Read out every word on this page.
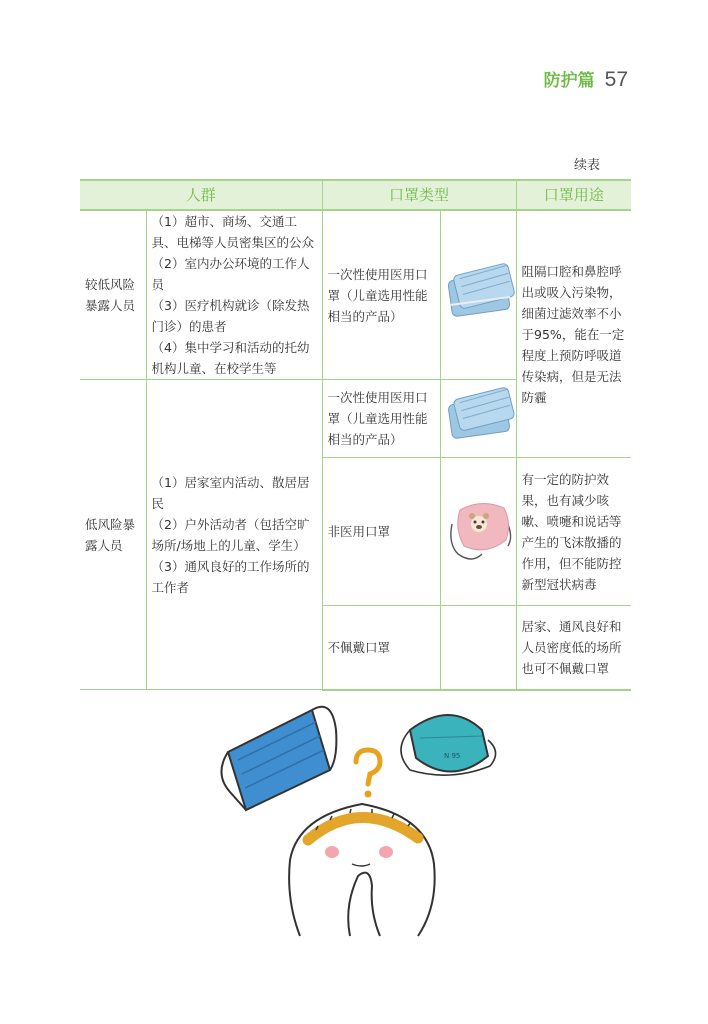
防护篇 57
续表
人群		口罩类型		口罩用途
较低风险暴露人员	（1）超市、商场、交通工具、电梯等人员密集区的公众
（2）室内办公环境的工作人员
（3）医疗机构就诊（除发热门诊）的患者
（4）集中学习和活动的托幼机构儿童、在校学生等	一次性使用医用口罩（儿童选用性能相当的产品）		阻隔口腔和鼻腔呼出或吸入污染物，细菌过滤效率不小于95%，能在一定程度上预防呼吸道传染病，但是无法防霾
低风险暴露人员	（1）居家室内活动、散居居民
（2）户外活动者（包括空旷场所/场地上的儿童、学生）
（3）通风良好的工作场所的工作者	一次性使用医用口罩（儿童选用性能相当的产品）	
		非医用口罩		有一定的防护效果，也有减少咳嗽、喷嚏和说话等产生的飞沫散播的作用，但不能防控新型冠状病毒
		不佩戴口罩		居家、通风良好和人员密度低的场所也可不佩戴口罩
N 95
